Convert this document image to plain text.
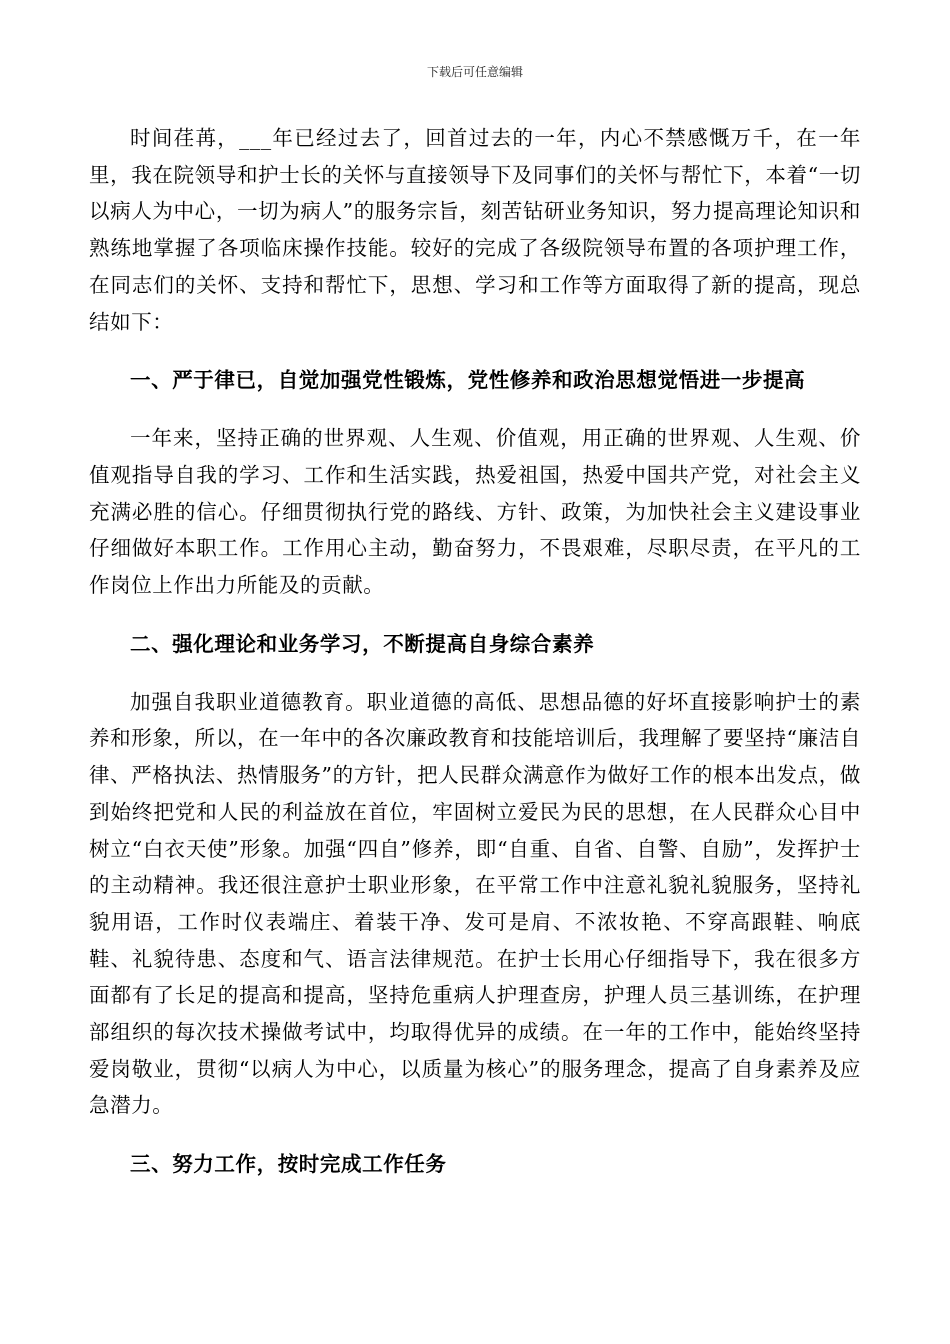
下载后可任意编辑

时间荏苒，___年已经过去了，回首过去的一年，内心不禁感慨万千，在一年里，我在院领导和护士长的关怀与直接领导下及同事们的关怀与帮忙下，本着“一切以病人为中心，一切为病人”的服务宗旨，刻苦钻研业务知识，努力提高理论知识和熟练地掌握了各项临床操作技能。较好的完成了各级院领导布置的各项护理工作，在同志们的关怀、支持和帮忙下，思想、学习和工作等方面取得了新的提高，现总结如下：

一、严于律已，自觉加强党性锻炼，党性修养和政治思想觉悟进一步提高

一年来，坚持正确的世界观、人生观、价值观，用正确的世界观、人生观、价值观指导自我的学习、工作和生活实践，热爱祖国，热爱中国共产党，对社会主义充满必胜的信心。仔细贯彻执行党的路线、方针、政策，为加快社会主义建设事业仔细做好本职工作。工作用心主动，勤奋努力，不畏艰难，尽职尽责，在平凡的工作岗位上作出力所能及的贡献。

二、强化理论和业务学习，不断提高自身综合素养

加强自我职业道德教育。职业道德的高低、思想品德的好坏直接影响护士的素养和形象，所以，在一年中的各次廉政教育和技能培训后，我理解了要坚持“廉洁自律、严格执法、热情服务”的方针，把人民群众满意作为做好工作的根本出发点，做到始终把党和人民的利益放在首位，牢固树立爱民为民的思想，在人民群众心目中树立“白衣天使”形象。加强“四自”修养，即“自重、自省、自警、自励”，发挥护士的主动精神。我还很注意护士职业形象，在平常工作中注意礼貌礼貌服务，坚持礼貌用语，工作时仪表端庄、着装干净、发可是肩、不浓妆艳、不穿高跟鞋、响底鞋、礼貌待患、态度和气、语言法律规范。在护士长用心仔细指导下，我在很多方面都有了长足的提高和提高，坚持危重病人护理查房，护理人员三基训练，在护理部组织的每次技术操做考试中，均取得优异的成绩。在一年的工作中，能始终坚持爱岗敬业，贯彻“以病人为中心，以质量为核心”的服务理念，提高了自身素养及应急潜力。

三、努力工作，按时完成工作任务
